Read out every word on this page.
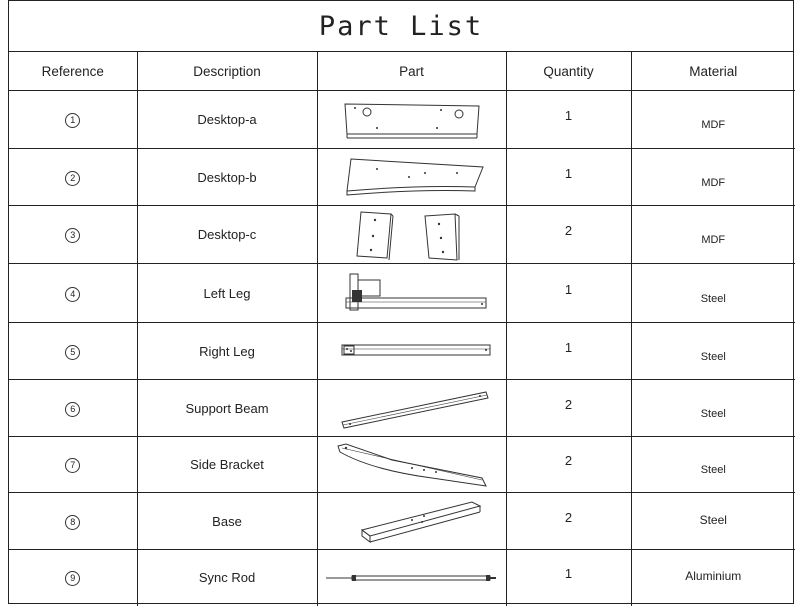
Part List
Reference	Description	Part	Quantity	Material
1	Desktop-a		1	$_{MDF}$
2	Desktop-b		1	$_{MDF}$
3	Desktop-c		2	$_{MDF}$
4	Left Leg		1	$_{Steel}$
5	Right Leg		1	$_{Steel}$
6	Support Beam		2	$_{Steel}$
7	Side Bracket		2	$_{Steel}$
8	Base		2	Steel
9	Sync Rod		1	Aluminium
